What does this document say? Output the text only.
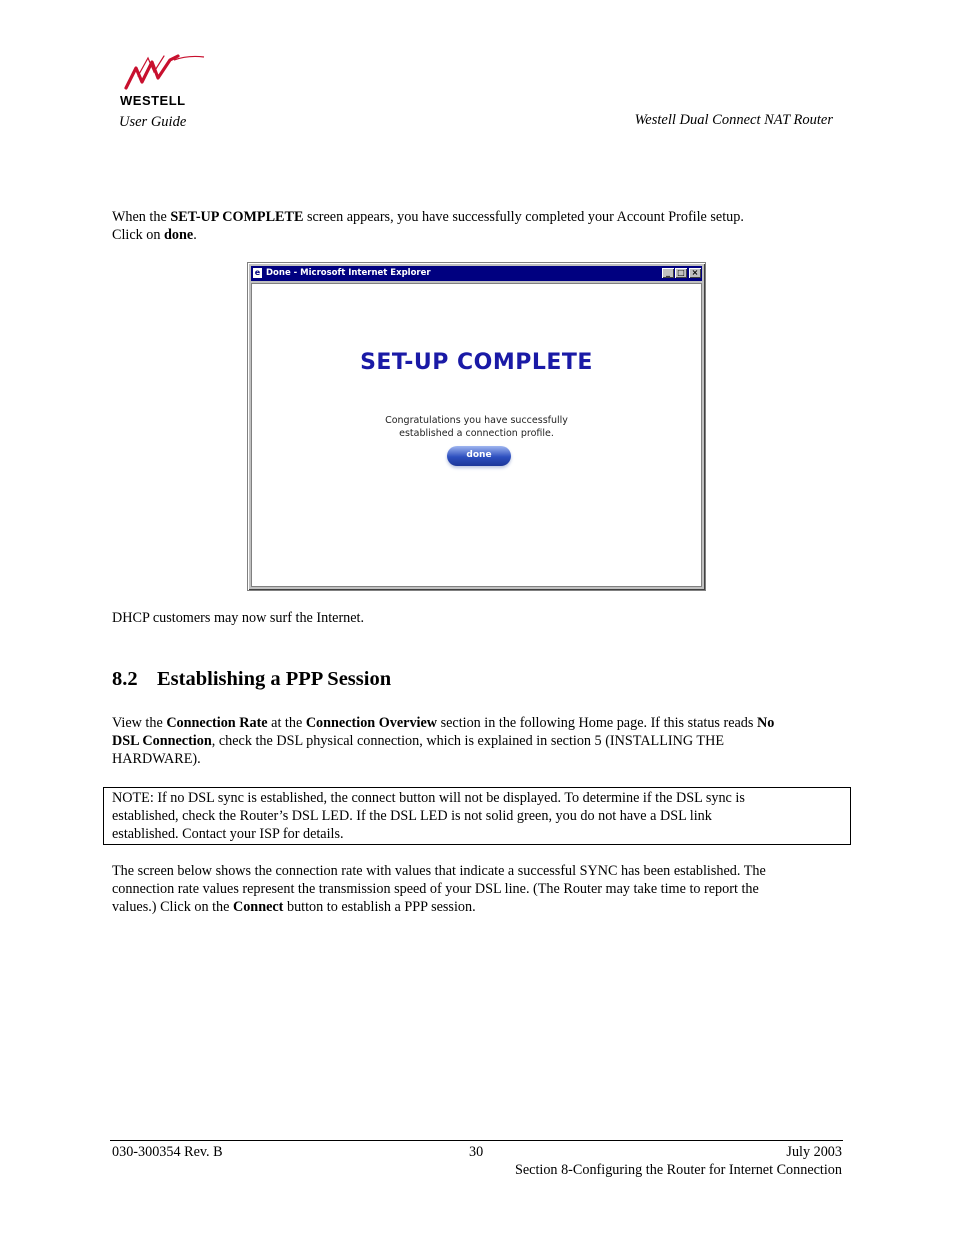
WESTELL
User Guide	Westell Dual Connect NAT Router
When the SET-UP COMPLETE screen appears, you have successfully completed your Account Profile setup.
Click on done.
e Done - Microsoft Internet Explorer	_ □ ×
SET-UP COMPLETE
Congratulations you have successfully
established a connection profile.
done
DHCP customers may now surf the Internet.
8.2 Establishing a PPP Session
View the Connection Rate at the Connection Overview section in the following Home page. If this status reads No
DSL Connection, check the DSL physical connection, which is explained in section 5 (INSTALLING THE
HARDWARE).
NOTE: If no DSL sync is established, the connect button will not be displayed. To determine if the DSL sync is
established, check the Router’s DSL LED. If the DSL LED is not solid green, you do not have a DSL link
established. Contact your ISP for details.
The screen below shows the connection rate with values that indicate a successful SYNC has been established. The
connection rate values represent the transmission speed of your DSL line. (The Router may take time to report the
values.) Click on the Connect button to establish a PPP session.
030-300354 Rev. B	30	July 2003
Section 8-Configuring the Router for Internet Connection
